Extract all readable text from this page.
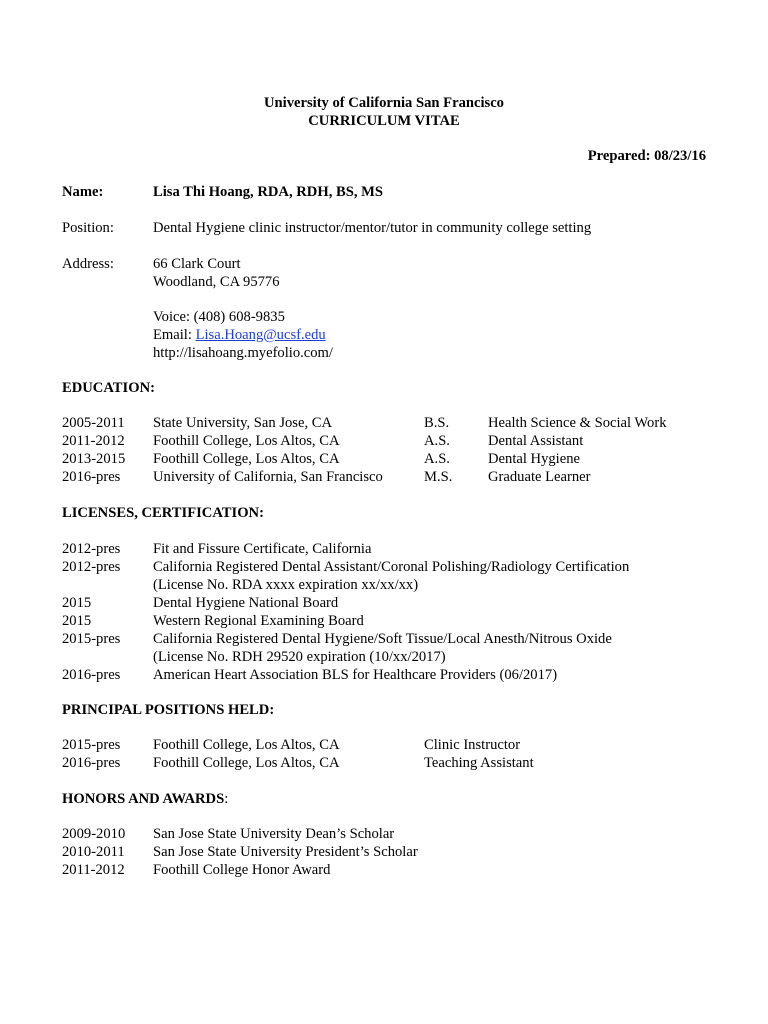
University of California San Francisco
CURRICULUM VITAE
Prepared: 08/23/16
Name:	Lisa Thi Hoang, RDA, RDH, BS, MS
Position:	Dental Hygiene clinic instructor/mentor/tutor in community college setting
Address:	66 Clark Court
Woodland, CA 95776
Voice: (408) 608-9835
Email: Lisa.Hoang@ucsf.edu
http://lisahoang.myefolio.com/
EDUCATION:
2005-2011 State University, San Jose, CA	B.S.	Health Science & Social Work
2011-2012 Foothill College, Los Altos, CA	A.S.	Dental Assistant
2013-2015 Foothill College, Los Altos, CA	A.S.	Dental Hygiene
2016-pres University of California, San Francisco	M.S. Graduate Learner
LICENSES, CERTIFICATION:
2012-pres Fit and Fissure Certificate, California
2012-pres California Registered Dental Assistant/Coronal Polishing/Radiology Certification
(License No. RDA xxxx expiration xx/xx/xx)
2015	Dental Hygiene National Board
2015	Western Regional Examining Board
2015-pres California Registered Dental Hygiene/Soft Tissue/Local Anesth/Nitrous Oxide
(License No. RDH 29520 expiration (10/xx/2017)
2016-pres American Heart Association BLS for Healthcare Providers (06/2017)
PRINCIPAL POSITIONS HELD:
2015-pres Foothill College, Los Altos, CA	Clinic Instructor
2016-pres Foothill College, Los Altos, CA	Teaching Assistant
HONORS AND AWARDS:
2009-2010 San Jose State University Dean’s Scholar
2010-2011 San Jose State University President’s Scholar
2011-2012 Foothill College Honor Award
